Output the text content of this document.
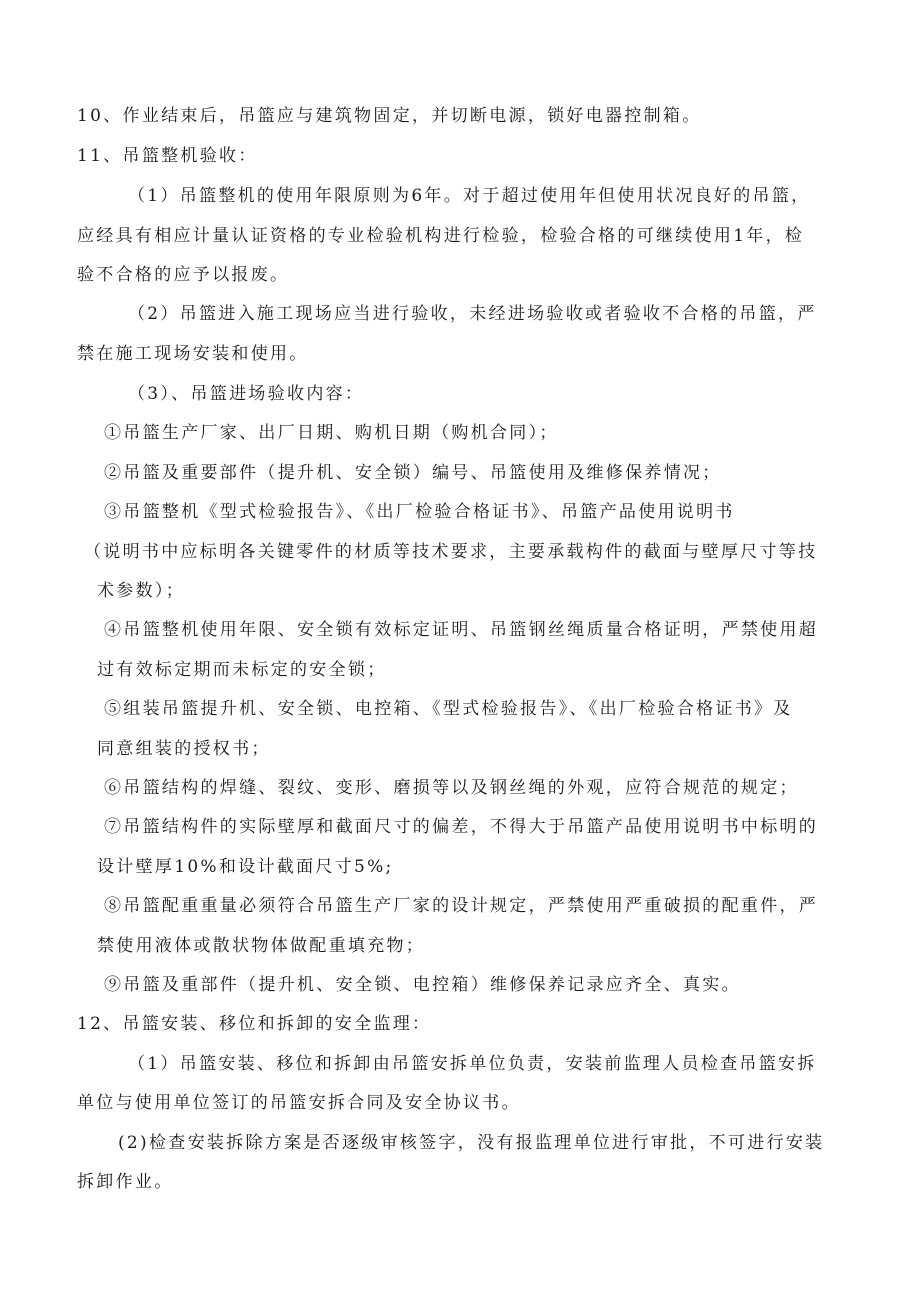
10、作业结束后，吊篮应与建筑物固定，并切断电源，锁好电器控制箱。
11、吊篮整机验收：
（1）吊篮整机的使用年限原则为6年。对于超过使用年但使用状况良好的吊篮，
应经具有相应计量认证资格的专业检验机构进行检验，检验合格的可继续使用1年，检
验不合格的应予以报废。
（2）吊篮进入施工现场应当进行验收，未经进场验收或者验收不合格的吊篮，严
禁在施工现场安装和使用。
（3）、吊篮进场验收内容：
①吊篮生产厂家、出厂日期、购机日期（购机合同）；
②吊篮及重要部件（提升机、安全锁）编号、吊篮使用及维修保养情况；
③吊篮整机《型式检验报告》、《出厂检验合格证书》、吊篮产品使用说明书
（说明书中应标明各关键零件的材质等技术要求，主要承载构件的截面与壁厚尺寸等技
术参数）；
④吊篮整机使用年限、安全锁有效标定证明、吊篮钢丝绳质量合格证明，严禁使用超
过有效标定期而未标定的安全锁；
⑤组装吊篮提升机、安全锁、电控箱、《型式检验报告》、《出厂检验合格证书》及
同意组装的授权书；
⑥吊篮结构的焊缝、裂纹、变形、磨损等以及钢丝绳的外观，应符合规范的规定；
⑦吊篮结构件的实际壁厚和截面尺寸的偏差，不得大于吊篮产品使用说明书中标明的
设计壁厚10%和设计截面尺寸5%;
⑧吊篮配重重量必须符合吊篮生产厂家的设计规定，严禁使用严重破损的配重件，严
禁使用液体或散状物体做配重填充物；
⑨吊篮及重部件（提升机、安全锁、电控箱）维修保养记录应齐全、真实。
12、吊篮安装、移位和拆卸的安全监理：
（1）吊篮安装、移位和拆卸由吊篮安拆单位负责，安装前监理人员检查吊篮安拆
单位与使用单位签订的吊篮安拆合同及安全协议书。
(2)检查安装拆除方案是否逐级审核签字，没有报监理单位进行审批，不可进行安装
拆卸作业。
